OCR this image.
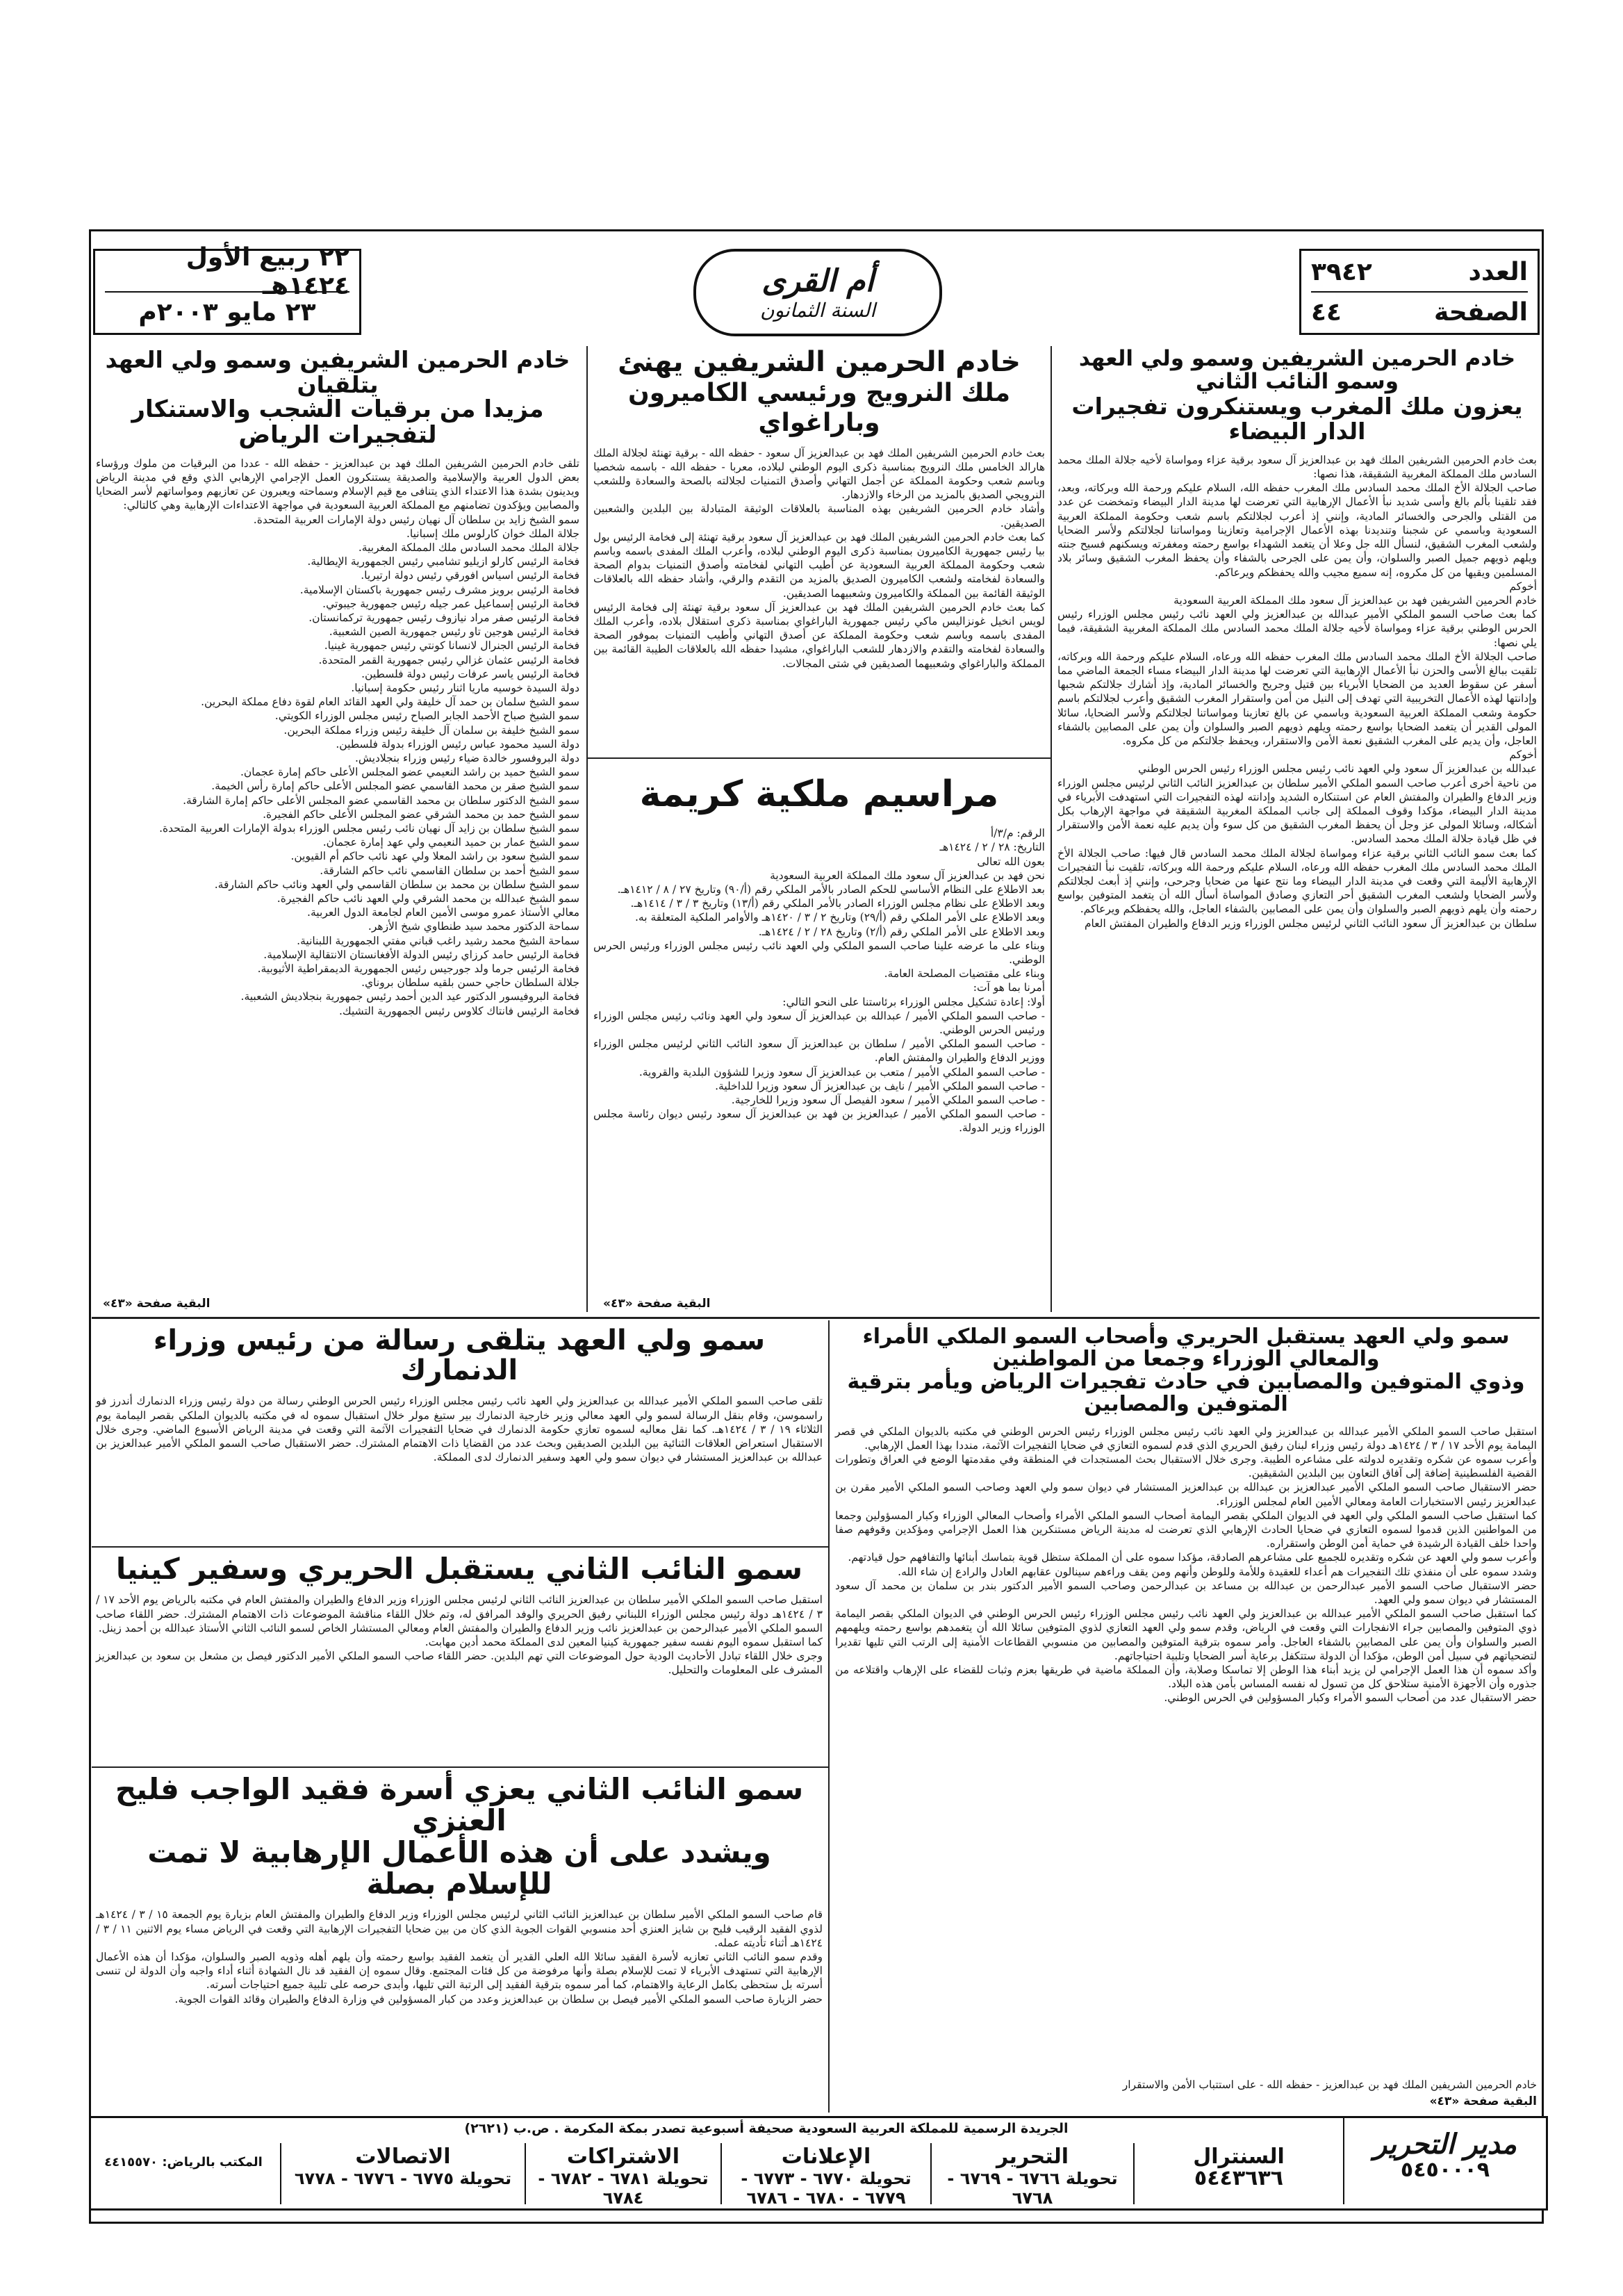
العدد
٣٩٤٢
الصفحة
٤٤
أم القرى
السنة الثمانون
٢٢ ربيع الأول ١٤٢٤هـ
٢٣ مايو ٢٠٠٣م
خادم الحرمين الشريفين وسمو ولي العهد وسمو النائب الثاني
يعزون ملك المغرب ويستنكرون تفجيرات الدار البيضاء
بعث خادم الحرمين الشريفين الملك فهد بن عبدالعزيز آل سعود برقية عزاء ومواساة لأخيه جلالة الملك محمد السادس ملك المملكة المغربية الشقيقة، هذا نصها:
صاحب الجلالة الأخ الملك محمد السادس ملك المغرب حفظه الله، السلام عليكم ورحمة الله وبركاته، وبعد، فقد تلقينا بألم بالغ وأسى شديد نبأ الأعمال الإرهابية التي تعرضت لها مدينة الدار البيضاء وتمخضت عن عدد من القتلى والجرحى والخسائر المادية، وإنني إذ أعرب لجلالتكم باسم شعب وحكومة المملكة العربية السعودية وباسمي عن شجبنا وتنديدنا بهذه الأعمال الإجرامية وتعازينا ومواساتنا لجلالتكم ولأسر الضحايا ولشعب المغرب الشقيق، لنسأل الله جل وعلا أن يتغمد الشهداء بواسع رحمته ومغفرته ويسكنهم فسيح جنته ويلهم ذويهم جميل الصبر والسلوان، وأن يمن على الجرحى بالشفاء وأن يحفظ المغرب الشقيق وسائر بلاد المسلمين ويقيها من كل مكروه، إنه سميع مجيب والله يحفظكم ويرعاكم.
أخوكم
خادم الحرمين الشريفين فهد بن عبدالعزيز آل سعود ملك المملكة العربية السعودية
كما بعث صاحب السمو الملكي الأمير عبدالله بن عبدالعزيز ولي العهد نائب رئيس مجلس الوزراء رئيس الحرس الوطني برقية عزاء ومواساة لأخيه جلالة الملك محمد السادس ملك المملكة المغربية الشقيقة، فيما يلي نصها:
صاحب الجلالة الأخ الملك محمد السادس ملك المغرب حفظه الله ورعاه، السلام عليكم ورحمة الله وبركاته، تلقيت ببالغ الأسى والحزن نبأ الأعمال الإرهابية التي تعرضت لها مدينة الدار البيضاء مساء الجمعة الماضي مما أسفر عن سقوط العديد من الضحايا الأبرياء بين قتيل وجريح والخسائر المادية، وإذ أشارك جلالتكم شجبها وإدانتها لهذه الأعمال التخريبية التي تهدف إلى النيل من أمن واستقرار المغرب الشقيق وأعرب لجلالتكم باسم حكومة وشعب المملكة العربية السعودية وباسمي عن بالغ تعازينا ومواساتنا لجلالتكم ولأسر الضحايا، سائلا المولى القدير أن يتغمد الضحايا بواسع رحمته ويلهم ذويهم الصبر والسلوان وأن يمن على المصابين بالشفاء العاجل، وأن يديم على المغرب الشقيق نعمة الأمن والاستقرار، ويحفظ جلالتكم من كل مكروه.
أخوكم
عبدالله بن عبدالعزيز آل سعود ولي العهد نائب رئيس مجلس الوزراء رئيس الحرس الوطني
من ناحية أخرى أعرب صاحب السمو الملكي الأمير سلطان بن عبدالعزيز النائب الثاني لرئيس مجلس الوزراء وزير الدفاع والطيران والمفتش العام عن استنكاره الشديد وإدانته لهذه التفجيرات التي استهدفت الأبرياء في مدينة الدار البيضاء، مؤكدا وقوف المملكة إلى جانب المملكة المغربية الشقيقة في مواجهة الإرهاب بكل أشكاله، وسائلا المولى عز وجل أن يحفظ المغرب الشقيق من كل سوء وأن يديم عليه نعمة الأمن والاستقرار في ظل قيادة جلالة الملك محمد السادس.
كما بعث سمو النائب الثاني برقية عزاء ومواساة لجلالة الملك محمد السادس قال فيها: صاحب الجلالة الأخ الملك محمد السادس ملك المغرب حفظه الله ورعاه، السلام عليكم ورحمة الله وبركاته، تلقيت نبأ التفجيرات الإرهابية الأليمة التي وقعت في مدينة الدار البيضاء وما نتج عنها من ضحايا وجرحى، وإنني إذ أبعث لجلالتكم ولأسر الضحايا ولشعب المغرب الشقيق أحر التعازي وصادق المواساة أسأل الله أن يتغمد المتوفين بواسع رحمته وأن يلهم ذويهم الصبر والسلوان وأن يمن على المصابين بالشفاء العاجل، والله يحفظكم ويرعاكم.
سلطان بن عبدالعزيز آل سعود النائب الثاني لرئيس مجلس الوزراء وزير الدفاع والطيران المفتش العام
خادم الحرمين الشريفين يهنئ
ملك النرويج ورئيسي الكاميرون وباراغواي
بعث خادم الحرمين الشريفين الملك فهد بن عبدالعزيز آل سعود - حفظه الله - برقية تهنئة لجلالة الملك هارالد الخامس ملك النرويج بمناسبة ذكرى اليوم الوطني لبلاده، معربا - حفظه الله - باسمه شخصيا وباسم شعب وحكومة المملكة عن أجمل التهاني وأصدق التمنيات لجلالته بالصحة والسعادة وللشعب النرويجي الصديق بالمزيد من الرخاء والازدهار.
وأشاد خادم الحرمين الشريفين بهذه المناسبة بالعلاقات الوثيقة المتبادلة بين البلدين والشعبين الصديقين.
كما بعث خادم الحرمين الشريفين الملك فهد بن عبدالعزيز آل سعود برقية تهنئة إلى فخامة الرئيس بول بيا رئيس جمهورية الكاميرون بمناسبة ذكرى اليوم الوطني لبلاده، وأعرب الملك المفدى باسمه وباسم شعب وحكومة المملكة العربية السعودية عن أطيب التهاني لفخامته وأصدق التمنيات بدوام الصحة والسعادة لفخامته ولشعب الكاميرون الصديق بالمزيد من التقدم والرقي، وأشاد حفظه الله بالعلاقات الوثيقة القائمة بين المملكة والكاميرون وشعبيهما الصديقين.
كما بعث خادم الحرمين الشريفين الملك فهد بن عبدالعزيز آل سعود برقية تهنئة إلى فخامة الرئيس لويس انخيل غونزاليس ماكي رئيس جمهورية الباراغواي بمناسبة ذكرى استقلال بلاده، وأعرب الملك المفدى باسمه وباسم شعب وحكومة المملكة عن أصدق التهاني وأطيب التمنيات بموفور الصحة والسعادة لفخامته والتقدم والازدهار للشعب الباراغواي، مشيدا حفظه الله بالعلاقات الطيبة القائمة بين المملكة والباراغواي وشعبيهما الصديقين في شتى المجالات.
مراسيم ملكية كريمة
الرقم: م/٣/أ
التاريخ: ٢٨ / ٢ / ١٤٢٤هـ
بعون الله تعالى
نحن فهد بن عبدالعزيز آل سعود ملك المملكة العربية السعودية
بعد الاطلاع على النظام الأساسي للحكم الصادر بالأمر الملكي رقم (أ/٩٠) وتاريخ ٢٧ / ٨ / ١٤١٢هـ.
وبعد الاطلاع على نظام مجلس الوزراء الصادر بالأمر الملكي رقم (أ/١٣) وتاريخ ٣ / ٣ / ١٤١٤هـ.
وبعد الاطلاع على الأمر الملكي رقم (أ/٢٩) وتاريخ ٢ / ٣ / ١٤٢٠هـ والأوامر الملكية المتعلقة به.
وبعد الاطلاع على الأمر الملكي رقم (أ/٢) وتاريخ ٢٨ / ٢ / ١٤٢٤هـ.
وبناء على ما عرضه علينا صاحب السمو الملكي ولي العهد نائب رئيس مجلس الوزراء ورئيس الحرس الوطني.
وبناء على مقتضيات المصلحة العامة.
أمرنا بما هو آت:
أولا: إعادة تشكيل مجلس الوزراء برئاستنا على النحو التالي:
- صاحب السمو الملكي الأمير / عبدالله بن عبدالعزيز آل سعود ولي العهد ونائب رئيس مجلس الوزراء ورئيس الحرس الوطني.
- صاحب السمو الملكي الأمير / سلطان بن عبدالعزيز آل سعود النائب الثاني لرئيس مجلس الوزراء ووزير الدفاع والطيران والمفتش العام.
- صاحب السمو الملكي الأمير / متعب بن عبدالعزيز آل سعود وزيرا للشؤون البلدية والقروية.
- صاحب السمو الملكي الأمير / نايف بن عبدالعزيز آل سعود وزيرا للداخلية.
- صاحب السمو الملكي الأمير / سعود الفيصل آل سعود وزيرا للخارجية.
- صاحب السمو الملكي الأمير / عبدالعزيز بن فهد بن عبدالعزيز آل سعود رئيس ديوان رئاسة مجلس الوزراء وزير الدولة.
البقية صفحة «٤٣»
خادم الحرمين الشريفين وسمو ولي العهد يتلقيان
مزيدا من برقيات الشجب والاستنكار لتفجيرات الرياض
تلقى خادم الحرمين الشريفين الملك فهد بن عبدالعزيز - حفظه الله - عددا من البرقيات من ملوك ورؤساء بعض الدول العربية والإسلامية والصديقة يستنكرون العمل الإجرامي الإرهابي الذي وقع في مدينة الرياض ويدينون بشدة هذا الاعتداء الذي يتنافى مع قيم الإسلام وسماحته ويعبرون عن تعازيهم ومواساتهم لأسر الضحايا والمصابين ويؤكدون تضامنهم مع المملكة العربية السعودية في مواجهة الاعتداءات الإرهابية وهي كالتالي:
سمو الشيخ زايد بن سلطان آل نهيان رئيس دولة الإمارات العربية المتحدة.
جلالة الملك خوان كارلوس ملك إسبانيا.
جلالة الملك محمد السادس ملك المملكة المغربية.
فخامة الرئيس كارلو ازيليو تشامبي رئيس الجمهورية الإيطالية.
فخامة الرئيس اسياس افورقي رئيس دولة ارتيريا.
فخامة الرئيس برويز مشرف رئيس جمهورية باكستان الإسلامية.
فخامة الرئيس إسماعيل عمر جيله رئيس جمهورية جيبوتي.
فخامة الرئيس صفر مراد نيازوف رئيس جمهورية تركمانستان.
فخامة الرئيس هوجين تاو رئيس جمهورية الصين الشعبية.
فخامة الرئيس الجنرال لانسانا كونتي رئيس جمهورية غينيا.
فخامة الرئيس عثمان غزالي رئيس جمهورية القمر المتحدة.
فخامة الرئيس ياسر عرفات رئيس دولة فلسطين.
دولة السيدة خوسيه ماريا اثنار رئيس حكومة إسبانيا.
سمو الشيخ سلمان بن حمد آل خليفة ولي العهد القائد العام لقوة دفاع مملكة البحرين.
سمو الشيخ صباح الأحمد الجابر الصباح رئيس مجلس الوزراء الكويتي.
سمو الشيخ خليفة بن سلمان آل خليفة رئيس وزراء مملكة البحرين.
دولة السيد محمود عباس رئيس الوزراء بدولة فلسطين.
دولة البروفسور خالدة ضياء رئيس وزراء بنجلاديش.
سمو الشيخ حميد بن راشد النعيمي عضو المجلس الأعلى حاكم إمارة عجمان.
سمو الشيخ صقر بن محمد القاسمي عضو المجلس الأعلى حاكم إمارة رأس الخيمة.
سمو الشيخ الدكتور سلطان بن محمد القاسمي عضو المجلس الأعلى حاكم إمارة الشارقة.
سمو الشيخ حمد بن محمد الشرقي عضو المجلس الأعلى حاكم الفجيرة.
سمو الشيخ سلطان بن زايد آل نهيان نائب رئيس مجلس الوزراء بدولة الإمارات العربية المتحدة.
سمو الشيخ عمار بن حميد النعيمي ولي عهد إمارة عجمان.
سمو الشيخ سعود بن راشد المعلا ولي عهد نائب حاكم أم القيوين.
سمو الشيخ أحمد بن سلطان القاسمي نائب حاكم الشارقة.
سمو الشيخ سلطان بن محمد بن سلطان القاسمي ولي العهد ونائب حاكم الشارقة.
سمو الشيخ عبدالله بن محمد الشرقي ولي العهد نائب حاكم الفجيرة.
معالي الأستاذ عمرو موسى الأمين العام لجامعة الدول العربية.
سماحة الدكتور محمد سيد طنطاوي شيخ الأزهر.
سماحة الشيخ محمد رشيد راغب قباني مفتي الجمهورية اللبنانية.
فخامة الرئيس حامد كرزاي رئيس الدولة الأفغانستان الانتقالية الإسلامية.
فخامة الرئيس جرما ولد جورجيس رئيس الجمهورية الديمقراطية الأثيوبية.
جلالة السلطان حاجي حسن بلقيه سلطان بروناي.
فخامة البروفيسور الدكتور عيد الدين أحمد رئيس جمهورية بنجلاديش الشعبية.
فخامة الرئيس فانتاك كلاوس رئيس الجمهورية التشيك.
البقية صفحة «٤٣»
سمو ولي العهد يستقبل الحريري وأصحاب السمو الملكي الأمراء والمعالي الوزراء وجمعا من المواطنين
وذوي المتوفين والمصابين في حادث تفجيرات الرياض ويأمر بترقية المتوفين والمصابين
استقبل صاحب السمو الملكي الأمير عبدالله بن عبدالعزيز ولي العهد نائب رئيس مجلس الوزراء رئيس الحرس الوطني في مكتبه بالديوان الملكي في قصر اليمامة يوم الأحد ١٧ / ٣ / ١٤٢٤هـ دولة رئيس وزراء لبنان رفيق الحريري الذي قدم لسموه التعازي في ضحايا التفجيرات الآثمة، منددا بهذا العمل الإرهابي.
وأعرب سموه عن شكره وتقديره لدولته على مشاعره الطيبة. وجرى خلال الاستقبال بحث المستجدات في المنطقة وفي مقدمتها الوضع في العراق وتطورات القضية الفلسطينية إضافة إلى آفاق التعاون بين البلدين الشقيقين.
حضر الاستقبال صاحب السمو الملكي الأمير عبدالعزيز بن عبدالله بن عبدالعزيز المستشار في ديوان سمو ولي العهد وصاحب السمو الملكي الأمير مقرن بن عبدالعزيز رئيس الاستخبارات العامة ومعالي الأمين العام لمجلس الوزراء.
كما استقبل صاحب السمو الملكي ولي العهد في الديوان الملكي بقصر اليمامة أصحاب السمو الملكي الأمراء وأصحاب المعالي الوزراء وكبار المسؤولين وجمعا من المواطنين الذين قدموا لسموه التعازي في ضحايا الحادث الإرهابي الذي تعرضت له مدينة الرياض مستنكرين هذا العمل الإجرامي ومؤكدين وقوفهم صفا واحدا خلف القيادة الرشيدة في حماية أمن الوطن واستقراره.
وأعرب سمو ولي العهد عن شكره وتقديره للجميع على مشاعرهم الصادقة، مؤكدا سموه على أن المملكة ستظل قوية بتماسك أبنائها والتفافهم حول قيادتهم.
وشدد سموه على أن منفذي تلك التفجيرات هم أعداء للعقيدة وللأمة وللوطن وأنهم ومن يقف وراءهم سينالون عقابهم العادل والرادع إن شاء الله.
حضر الاستقبال صاحب السمو الأمير عبدالرحمن بن عبدالله بن مساعد بن عبدالرحمن وصاحب السمو الأمير الدكتور بندر بن سلمان بن محمد آل سعود المستشار في ديوان سمو ولي العهد.
كما استقبل صاحب السمو الملكي الأمير عبدالله بن عبدالعزيز ولي العهد نائب رئيس مجلس الوزراء رئيس الحرس الوطني في الديوان الملكي بقصر اليمامة ذوي المتوفين والمصابين جراء الانفجارات التي وقعت في الرياض، وقدم سمو ولي العهد التعازي لذوي المتوفين سائلا الله أن يتغمدهم بواسع رحمته ويلهمهم الصبر والسلوان وأن يمن على المصابين بالشفاء العاجل. وأمر سموه بترقية المتوفين والمصابين من منسوبي القطاعات الأمنية إلى الرتب التي تليها تقديرا لتضحياتهم في سبيل أمن الوطن، مؤكدا أن الدولة ستتكفل برعاية أسر الضحايا وتلبية احتياجاتهم.
وأكد سموه أن هذا العمل الإجرامي لن يزيد أبناء هذا الوطن إلا تماسكا وصلابة، وأن المملكة ماضية في طريقها بعزم وثبات للقضاء على الإرهاب واقتلاعه من جذوره وأن الأجهزة الأمنية ستلاحق كل من تسول له نفسه المساس بأمن هذه البلاد.
حضر الاستقبال عدد من أصحاب السمو الأمراء وكبار المسؤولين في الحرس الوطني.
خادم الحرمين الشريفين الملك فهد بن عبدالعزيز - حفظه الله - على استتباب الأمن والاستقرار
البقية صفحة «٤٣»
سمو ولي العهد يتلقى رسالة من رئيس وزراء الدنمارك
تلقى صاحب السمو الملكي الأمير عبدالله بن عبدالعزيز ولي العهد نائب رئيس مجلس الوزراء رئيس الحرس الوطني رسالة من دولة رئيس وزراء الدنمارك أندرز فو راسموسن، وقام بنقل الرسالة لسمو ولي العهد معالي وزير خارجية الدنمارك بير ستيغ مولر خلال استقبال سموه له في مكتبه بالديوان الملكي بقصر اليمامة يوم الثلاثاء ١٩ / ٣ / ١٤٢٤هـ. كما نقل معاليه لسموه تعازي حكومة الدنمارك في ضحايا التفجيرات الآثمة التي وقعت في مدينة الرياض الأسبوع الماضي. وجرى خلال الاستقبال استعراض العلاقات الثنائية بين البلدين الصديقين وبحث عدد من القضايا ذات الاهتمام المشترك. حضر الاستقبال صاحب السمو الملكي الأمير عبدالعزيز بن عبدالله بن عبدالعزيز المستشار في ديوان سمو ولي العهد وسفير الدنمارك لدى المملكة.
سمو النائب الثاني يستقبل الحريري وسفير كينيا
استقبل صاحب السمو الملكي الأمير سلطان بن عبدالعزيز النائب الثاني لرئيس مجلس الوزراء وزير الدفاع والطيران والمفتش العام في مكتبه بالرياض يوم الأحد ١٧ / ٣ / ١٤٢٤هـ دولة رئيس مجلس الوزراء اللبناني رفيق الحريري والوفد المرافق له، وتم خلال اللقاء مناقشة الموضوعات ذات الاهتمام المشترك. حضر اللقاء صاحب السمو الملكي الأمير عبدالرحمن بن عبدالعزيز نائب وزير الدفاع والطيران والمفتش العام ومعالي المستشار الخاص لسمو النائب الثاني الأستاذ عبدالله بن أحمد زينل.
كما استقبل سموه اليوم نفسه سفير جمهورية كينيا المعين لدى المملكة محمد أدين مهابت.
وجرى خلال اللقاء تبادل الأحاديث الودية حول الموضوعات التي تهم البلدين. حضر اللقاء صاحب السمو الملكي الأمير الدكتور فيصل بن مشعل بن سعود بن عبدالعزيز المشرف على المعلومات والتحليل.
سمو النائب الثاني يعزي أسرة فقيد الواجب فليح العنزي
ويشدد على أن هذه الأعمال الإرهابية لا تمت للإسلام بصلة
قام صاحب السمو الملكي الأمير سلطان بن عبدالعزيز النائب الثاني لرئيس مجلس الوزراء وزير الدفاع والطيران والمفتش العام بزيارة يوم الجمعة ١٥ / ٣ / ١٤٢٤هـ لذوي الفقيد الرقيب فليح بن شايز العنزي أحد منسوبي القوات الجوية الذي كان من بين ضحايا التفجيرات الإرهابية التي وقعت في الرياض مساء يوم الاثنين ١١ / ٣ / ١٤٢٤هـ أثناء تأديته عمله.
وقدم سمو النائب الثاني تعازيه لأسرة الفقيد سائلا الله العلي القدير أن يتغمد الفقيد بواسع رحمته وأن يلهم أهله وذويه الصبر والسلوان، مؤكدا أن هذه الأعمال الإرهابية التي تستهدف الأبرياء لا تمت للإسلام بصلة وأنها مرفوضة من كل فئات المجتمع. وقال سموه إن الفقيد قد نال الشهادة أثناء أداء واجبه وأن الدولة لن تنسى أسرته بل ستحظى بكامل الرعاية والاهتمام، كما أمر سموه بترقية الفقيد إلى الرتبة التي تليها، وأبدى حرصه على تلبية جميع احتياجات أسرته.
حضر الزيارة صاحب السمو الملكي الأمير فيصل بن سلطان بن عبدالعزيز وعدد من كبار المسؤولين في وزارة الدفاع والطيران وقائد القوات الجوية.
الجريدة الرسمية للمملكة العربية السعودية صحيفة أسبوعية تصدر بمكة المكرمة . ص.ب (٢٦٢١)	مدير التحرير
٥٤٥٠٠٠٩
السنترال
٥٤٤٣٦٣٦
التحرير
تحويلة ٦٧٦٦ - ٦٧٦٩ - ٦٧٦٨
الإعلانات
تحويلة ٦٧٧٠ - ٦٧٧٣ - ٦٧٧٩ - ٦٧٨٠ - ٦٧٨٦
الاشتراكات
تحويلة ٦٧٨١ - ٦٧٨٢ - ٦٧٨٤
الاتصالات
تحويلة ٦٧٧٥ - ٦٧٧٦ - ٦٧٧٨
المكتب بالرياض: ٤٤١٥٥٧٠
